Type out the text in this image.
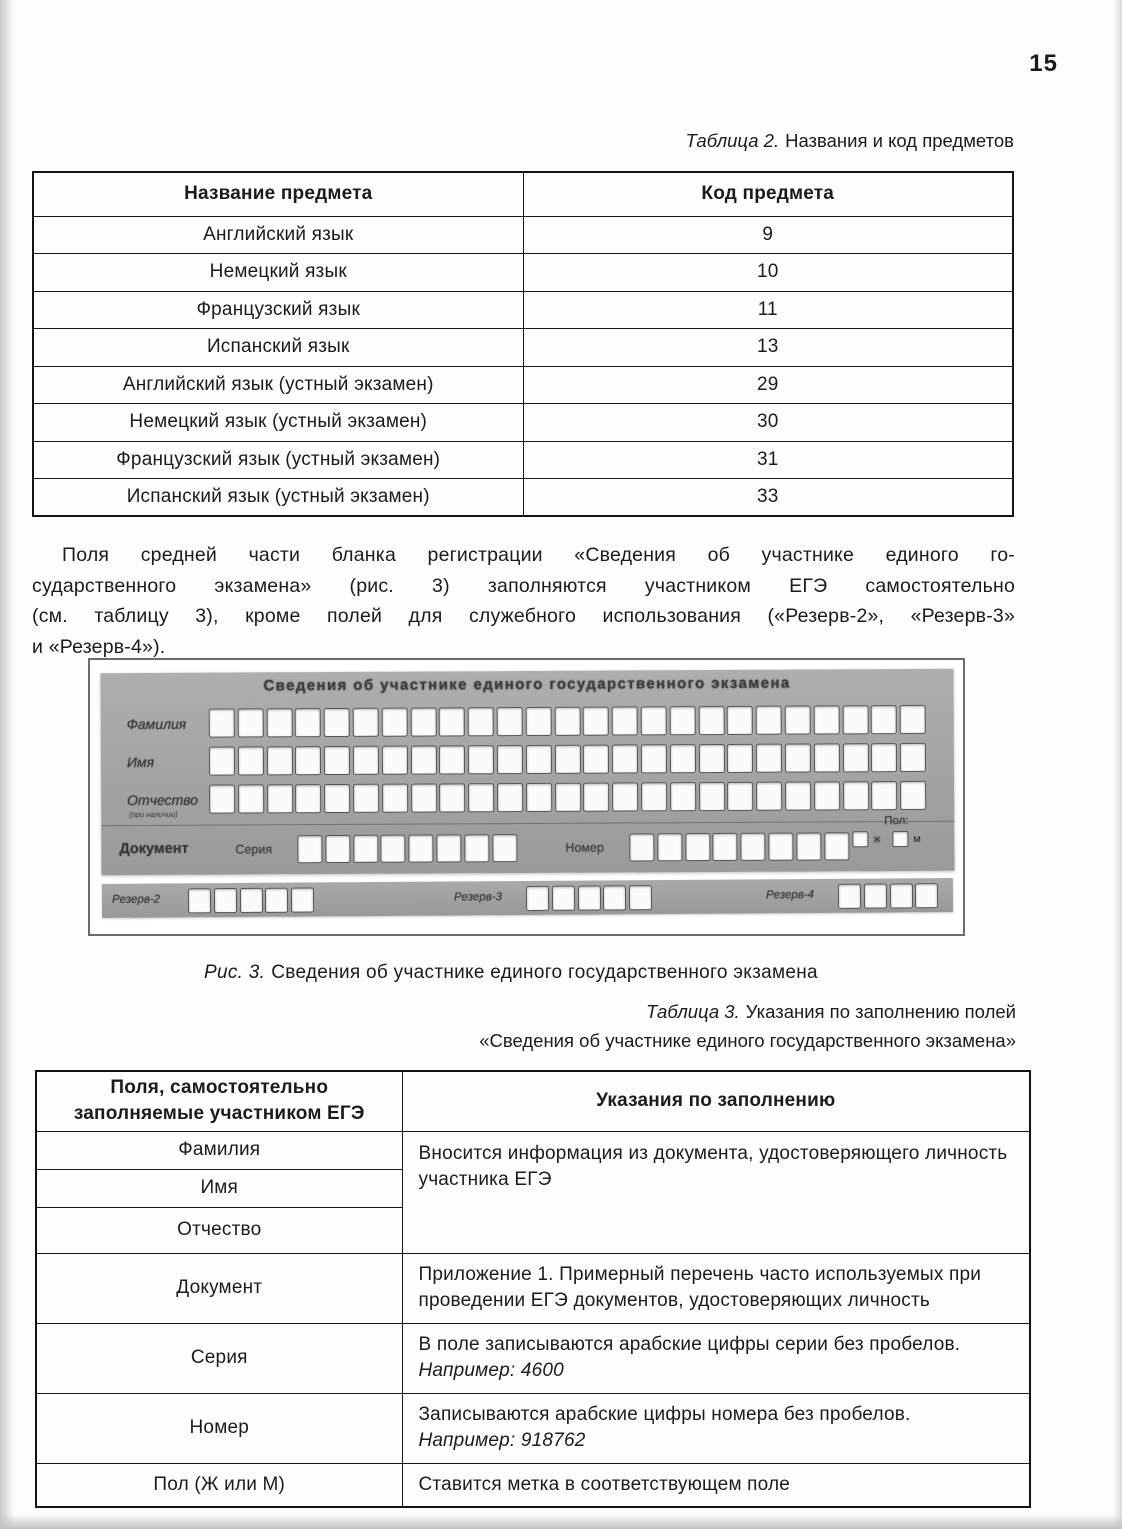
15
Таблица 2. Названия и код предметов
Название предмета	Код предмета
Английский язык	9
Немецкий язык	10
Французский язык	11
Испанский язык	13
Английский язык (устный экзамен)	29
Немецкий язык (устный экзамен)	30
Французский язык (устный экзамен)	31
Испанский язык (устный экзамен)	33
Поля средней части бланка регистрации «Сведения об участнике единого го-
сударственного экзамена» (рис. 3) заполняются участником ЕГЭ самостоятельно
(см. таблицу 3), кроме полей для служебного использования («Резерв-2», «Резерв-3»
и «Резерв-4»).
Сведения об участнике единого государственного экзамена
Фамилия
Имя
Отчество
(при наличии)
Документ	Серия	Номер
Пол:
ж	м
Резерв-2	Резерв-3	Резерв-4
Рис. 3. Сведения об участнике единого государственного экзамена
Таблица 3. Указания по заполнению полей
«Сведения об участнике единого государственного экзамена»
Поля, самостоятельно
заполняемые участником ЕГЭ	Указания по заполнению
Фамилия	Вносится информация из документа, удостоверяющего личность участника ЕГЭ

Имя	
Отчество	
Документ	Приложение 1. Примерный перечень часто используемых при проведении ЕГЭ документов, удостоверяющих личность

Серия	В поле записываются арабские цифры серии без пробелов.
Например: 4600

Номер	Записываются арабские цифры номера без пробелов.
Например: 918762

Пол (Ж или М)	Ставится метка в соответствующем поле
